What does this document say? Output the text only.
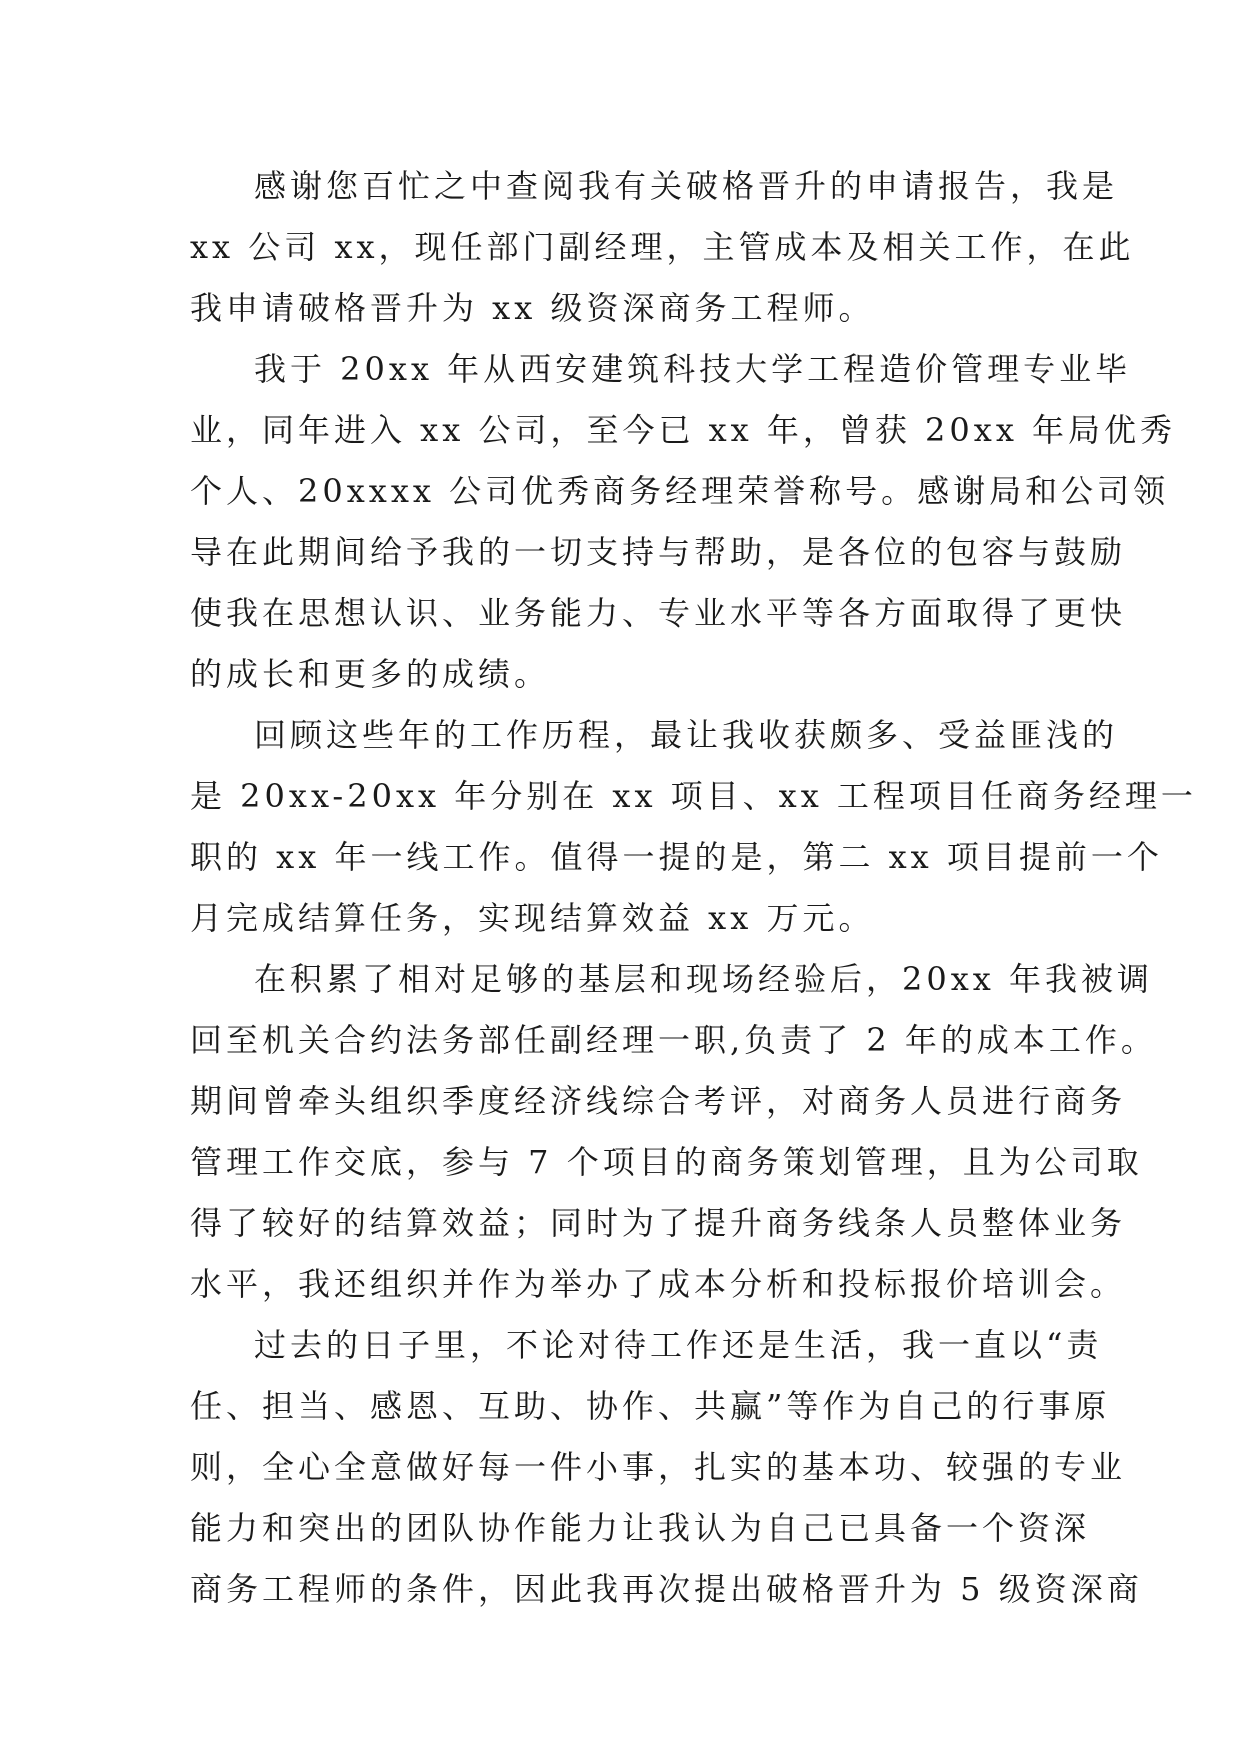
感谢您百忙之中查阅我有关破格晋升的申请报告，我是
xx 公司 xx，现任部门副经理，主管成本及相关工作，在此
我申请破格晋升为 xx 级资深商务工程师。
我于 20xx 年从西安建筑科技大学工程造价管理专业毕
业，同年进入 xx 公司，至今已 xx 年，曾获 20xx 年局优秀
个人、20xxxx 公司优秀商务经理荣誉称号。感谢局和公司领
导在此期间给予我的一切支持与帮助，是各位的包容与鼓励
使我在思想认识、业务能力、专业水平等各方面取得了更快
的成长和更多的成绩。
回顾这些年的工作历程，最让我收获颇多、受益匪浅的
是 20xx-20xx 年分别在 xx 项目、xx 工程项目任商务经理一
职的 xx 年一线工作。值得一提的是，第二 xx 项目提前一个
月完成结算任务，实现结算效益 xx 万元。
在积累了相对足够的基层和现场经验后，20xx 年我被调
回至机关合约法务部任副经理一职,负责了 2 年的成本工作。
期间曾牵头组织季度经济线综合考评，对商务人员进行商务
管理工作交底，参与 7 个项目的商务策划管理，且为公司取
得了较好的结算效益；同时为了提升商务线条人员整体业务
水平，我还组织并作为举办了成本分析和投标报价培训会。
过去的日子里，不论对待工作还是生活，我一直以“责
任、担当、感恩、互助、协作、共赢”等作为自己的行事原
则，全心全意做好每一件小事，扎实的基本功、较强的专业
能力和突出的团队协作能力让我认为自己已具备一个资深
商务工程师的条件，因此我再次提出破格晋升为 5 级资深商
